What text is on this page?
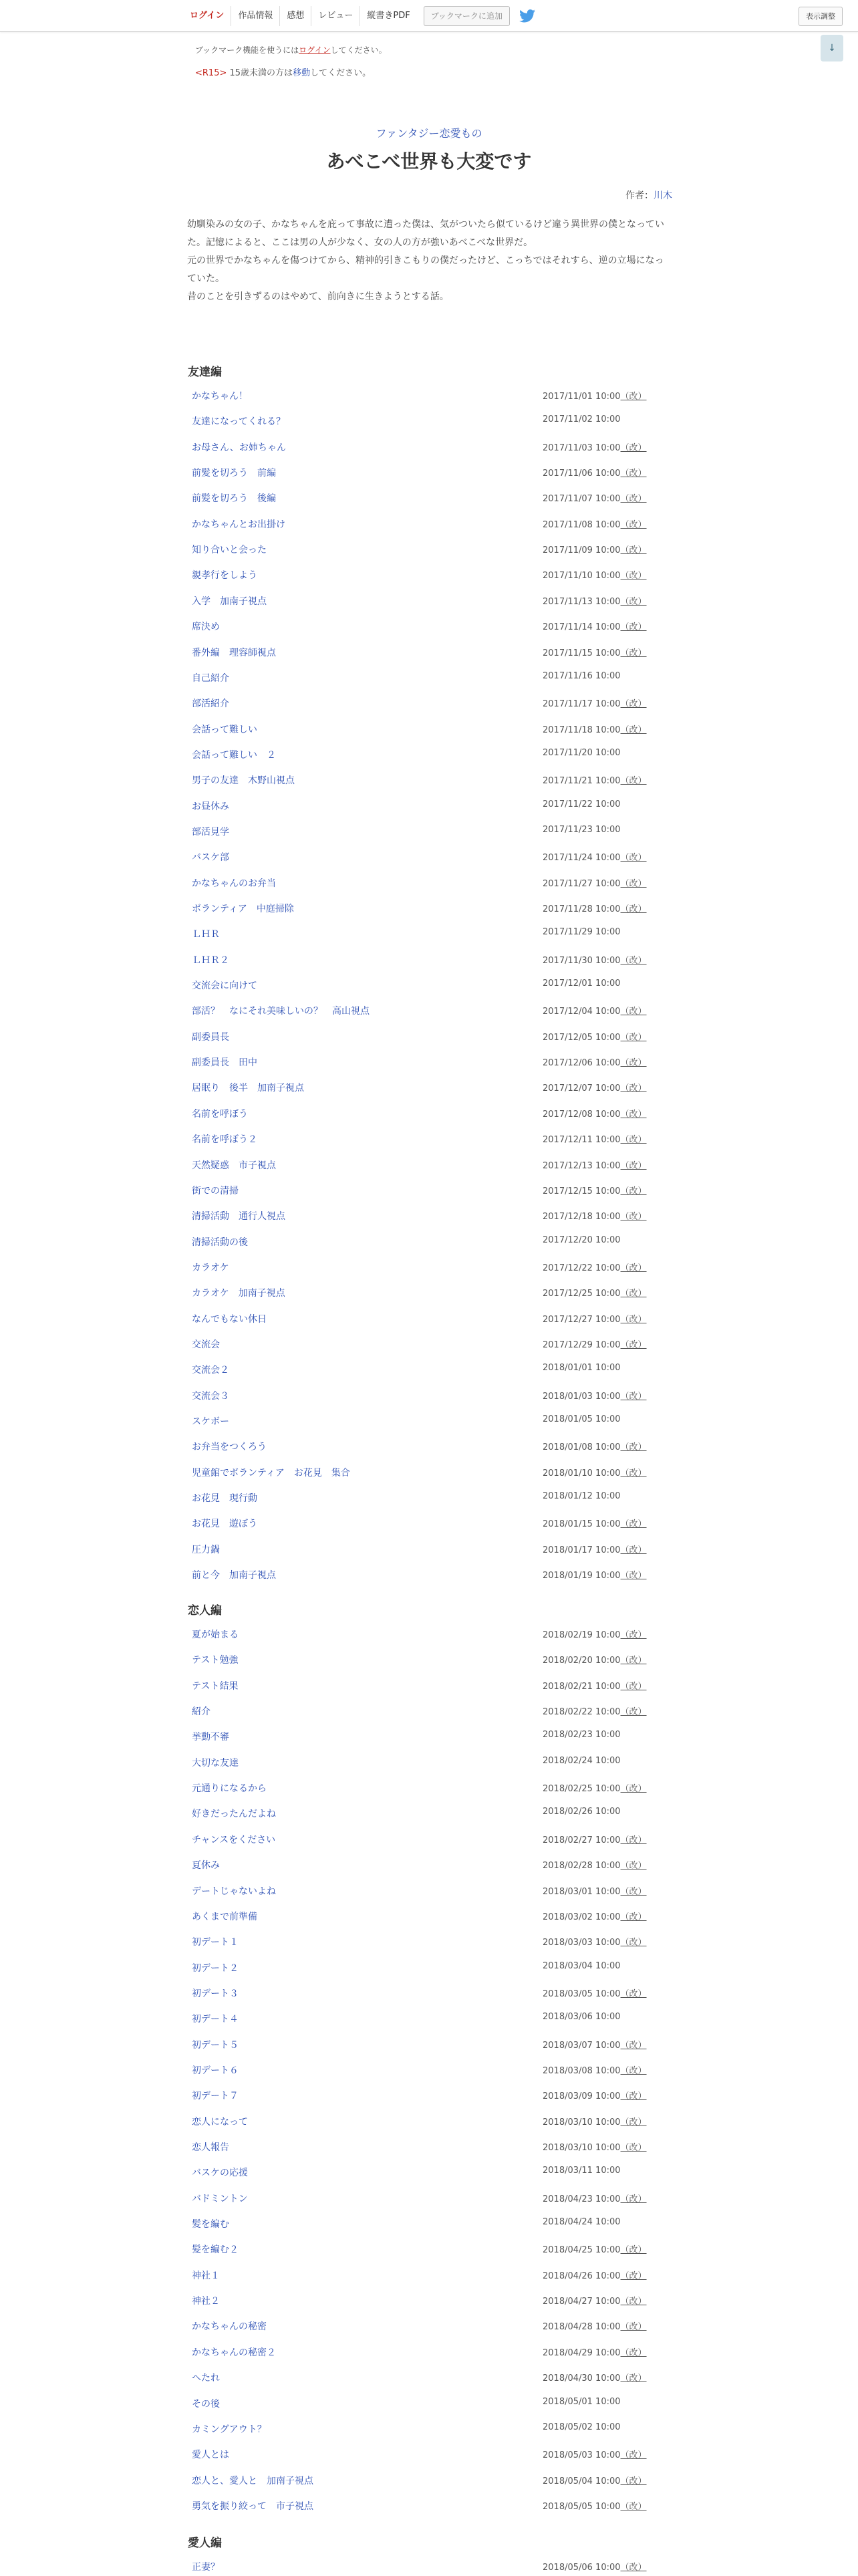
ログイン	作品情報	感想	レビュー	縦書きPDF	ブックマークに追加	表示調整
↓
ブックマーク機能を使うにはログインしてください。
<R15> 15歳未満の方は移動してください。
ファンタジー恋愛もの
あべこべ世界も大変です
作者：川木

幼馴染みの女の子、かなちゃんを庇って事故に遭った僕は、気がついたら似ているけど違う異世界の僕となっていた。記憶によると、ここは男の人が少なく、女の人の方が強いあべこべな世界だ。

元の世界でかなちゃんを傷つけてから、精神的引きこもりの僕だったけど、こっちではそれすら、逆の立場になっていた。

昔のことを引きずるのはやめて、前向きに生きようとする話。

友達編
かなちゃん！	2017/11/01 10:00（改）
友達になってくれる？	2017/11/02 10:00
お母さん、お姉ちゃん	2017/11/03 10:00（改）
前髪を切ろう　前編	2017/11/06 10:00（改）
前髪を切ろう　後編	2017/11/07 10:00（改）
かなちゃんとお出掛け	2017/11/08 10:00（改）
知り合いと会った	2017/11/09 10:00（改）
親孝行をしよう	2017/11/10 10:00（改）
入学　加南子視点	2017/11/13 10:00（改）
席決め	2017/11/14 10:00（改）
番外編　理容師視点	2017/11/15 10:00（改）
自己紹介	2017/11/16 10:00
部活紹介	2017/11/17 10:00（改）
会話って難しい	2017/11/18 10:00（改）
会話って難しい　２	2017/11/20 10:00
男子の友達　木野山視点	2017/11/21 10:00（改）
お昼休み	2017/11/22 10:00
部活見学	2017/11/23 10:00
バスケ部	2017/11/24 10:00（改）
かなちゃんのお弁当	2017/11/27 10:00（改）
ボランティア　中庭掃除	2017/11/28 10:00（改）
ＬＨＲ	2017/11/29 10:00
ＬＨＲ２	2017/11/30 10:00（改）
交流会に向けて	2017/12/01 10:00
部活？　なにそれ美味しいの？　高山視点	2017/12/04 10:00（改）
副委員長	2017/12/05 10:00（改）
副委員長　田中	2017/12/06 10:00（改）
居眠り　後半　加南子視点	2017/12/07 10:00（改）
名前を呼ぼう	2017/12/08 10:00（改）
名前を呼ぼう２	2017/12/11 10:00（改）
天然疑惑　市子視点	2017/12/13 10:00（改）
街での清掃	2017/12/15 10:00（改）
清掃活動　通行人視点	2017/12/18 10:00（改）
清掃活動の後	2017/12/20 10:00
カラオケ	2017/12/22 10:00（改）
カラオケ　加南子視点	2017/12/25 10:00（改）
なんでもない休日	2017/12/27 10:00（改）
交流会	2017/12/29 10:00（改）
交流会２	2018/01/01 10:00
交流会３	2018/01/03 10:00（改）
スケボー	2018/01/05 10:00
お弁当をつくろう	2018/01/08 10:00（改）
児童館でボランティア　お花見　集合	2018/01/10 10:00（改）
お花見　現行動	2018/01/12 10:00
お花見　遊ぼう	2018/01/15 10:00（改）
圧力鍋	2018/01/17 10:00（改）
前と今　加南子視点	2018/01/19 10:00（改）
恋人編
夏が始まる	2018/02/19 10:00（改）
テスト勉強	2018/02/20 10:00（改）
テスト結果	2018/02/21 10:00（改）
紹介	2018/02/22 10:00（改）
挙動不審	2018/02/23 10:00
大切な友達	2018/02/24 10:00
元通りになるから	2018/02/25 10:00（改）
好きだったんだよね	2018/02/26 10:00
チャンスをください	2018/02/27 10:00（改）
夏休み	2018/02/28 10:00（改）
デートじゃないよね	2018/03/01 10:00（改）
あくまで前準備	2018/03/02 10:00（改）
初デート１	2018/03/03 10:00（改）
初デート２	2018/03/04 10:00
初デート３	2018/03/05 10:00（改）
初デート４	2018/03/06 10:00
初デート５	2018/03/07 10:00（改）
初デート６	2018/03/08 10:00（改）
初デート７	2018/03/09 10:00（改）
恋人になって	2018/03/10 10:00（改）
恋人報告	2018/03/10 10:00（改）
バスケの応援	2018/03/11 10:00
バドミントン	2018/04/23 10:00（改）
髪を編む	2018/04/24 10:00
髪を編む２	2018/04/25 10:00（改）
神社１	2018/04/26 10:00（改）
神社２	2018/04/27 10:00（改）
かなちゃんの秘密	2018/04/28 10:00（改）
かなちゃんの秘密２	2018/04/29 10:00（改）
へたれ	2018/04/30 10:00（改）
その後	2018/05/01 10:00
カミングアウト？	2018/05/02 10:00
愛人とは	2018/05/03 10:00（改）
恋人と、愛人と　加南子視点	2018/05/04 10:00（改）
勇気を振り絞って　市子視点	2018/05/05 10:00（改）
愛人編
正妻？	2018/05/06 10:00（改）
